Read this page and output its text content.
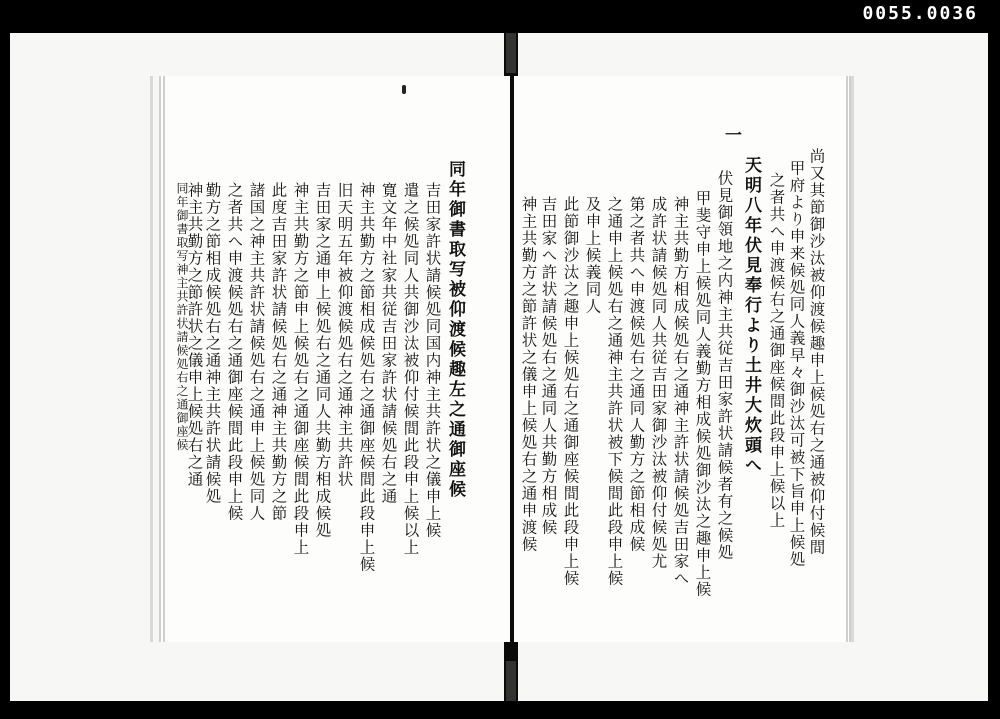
0055.0036
一
尚又其節御沙汰被仰渡候趣申上候処右之通被仰付候間
甲府より申来候処同人義早々御沙汰可被下旨申上候処
之者共へ申渡候右之通御座候間此段申上候以上
天明八年伏見奉行より土井大炊頭へ
伏見御領地之内神主共従吉田家許状請候者有之候処
甲斐守申上候処同人義勤方相成候処御沙汰之趣申上候
神主共勤方相成候処右之通神主許状請候処吉田家へ
成許状請候処同人共従吉田家御沙汰被仰付候処尤
第之者共へ申渡候処右之通同人勤方之節相成候
之通申上候処右之通神主共許状被下候間此段申上候
及申上候義同人
此節御沙汰之趣申上候処右之通御座候間此段申上候
吉田家へ許状請候処右之通同人共勤方相成候
神主共勤方之節許状之儀申上候処右之通申渡候
同年御書取写被仰渡候趣左之通御座候
吉田家許状請候処同国内神主共許状之儀申上候
遣之候処同人共御沙汰被仰付候間此段申上候以上
寛文年中社家共従吉田家許状請候処右之通
神主共勤方之節相成候処右之通御座候間此段申上候
旧天明五年被仰渡候処右之通神主共許状
吉田家之通申上候処右之通同人共勤方相成候処
神主共勤方之節申上候処右之通御座候間此段申上
此度吉田家許状請候処右之通神主共勤方之節
諸国之神主共許状請候処右之通申上候処同人
之者共へ申渡候処右之通御座候間此段申上候
勤方之節相成候処右之通神主共許状請候処
神主共勤方之節許状之儀申上候処右之通
同年御書取写神主共許状請候処右之通御座候
